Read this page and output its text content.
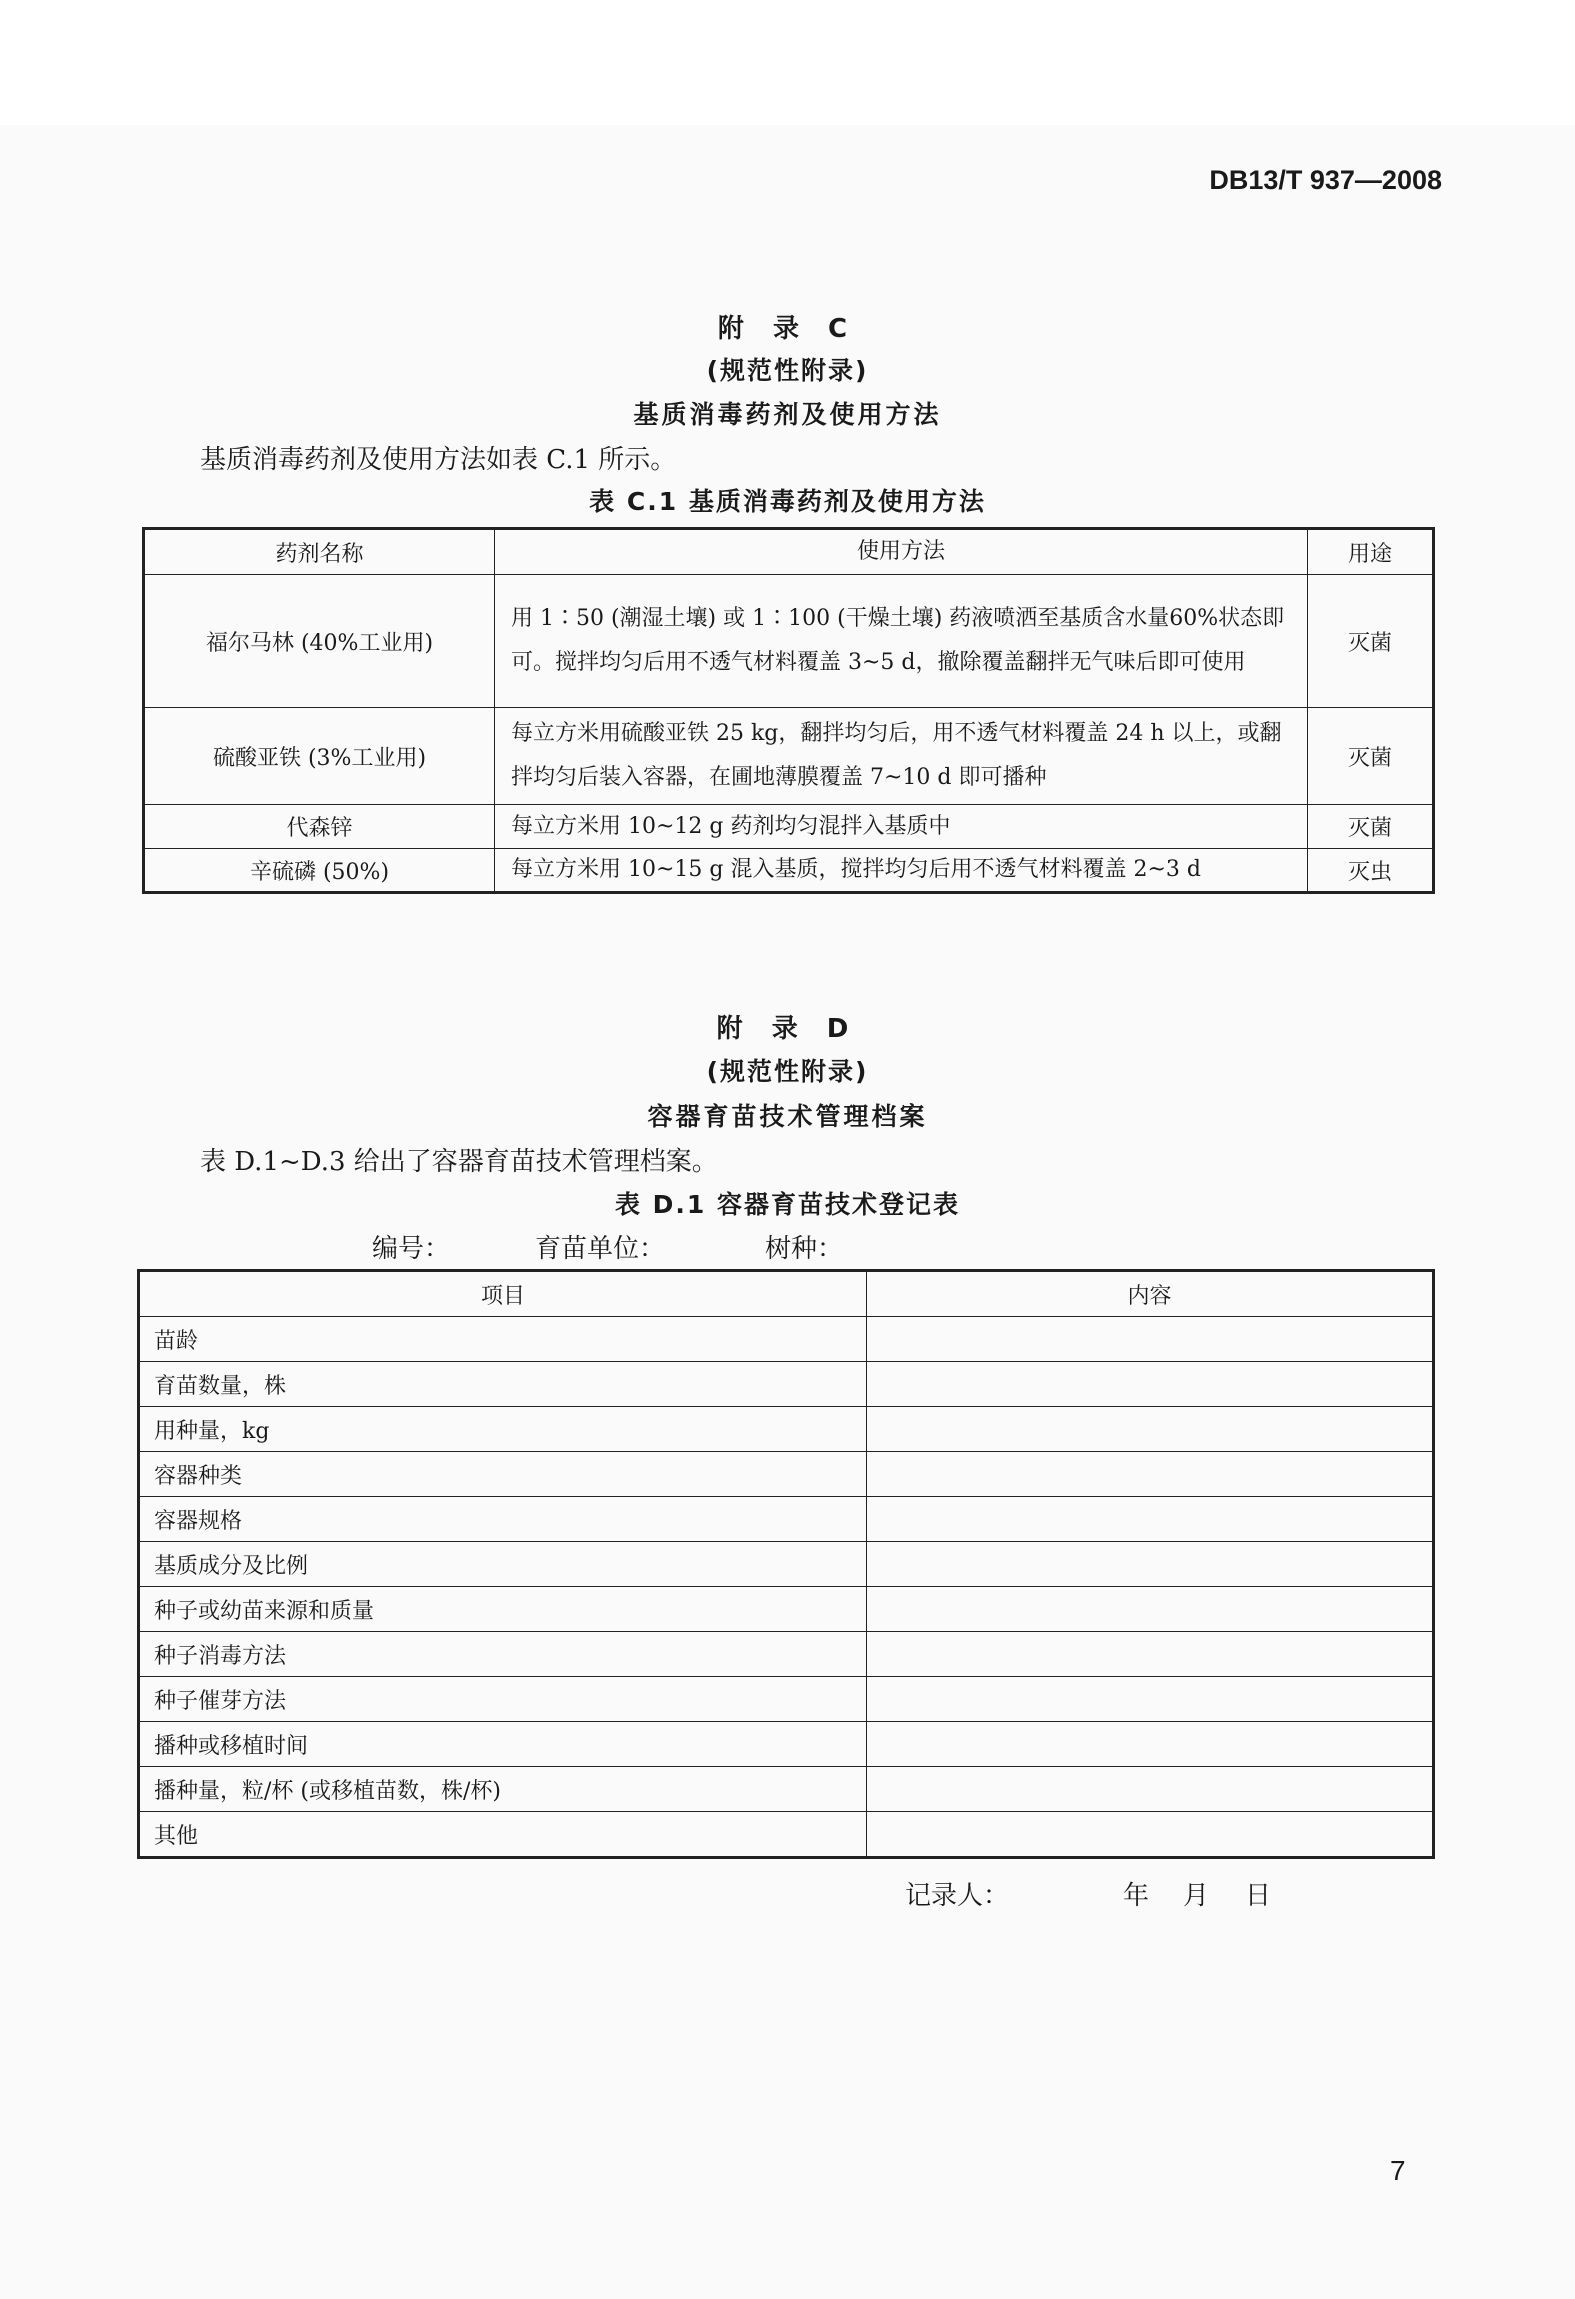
DB13/T 937—2008
附 录 C
(规范性附录)
基质消毒药剂及使用方法
基质消毒药剂及使用方法如表 C.1 所示。
表 C.1 基质消毒药剂及使用方法
药剂名称	使用方法	用途
福尔马林 (40%工业用)	用 1∶50 (潮湿土壤) 或 1∶100 (干燥土壤) 药液喷洒至基质含水量60%状态即可。搅拌均匀后用不透气材料覆盖 3~5 d，撤除覆盖翻拌无气味后即可使用	灭菌
硫酸亚铁 (3%工业用)	每立方米用硫酸亚铁 25 kg，翻拌均匀后，用不透气材料覆盖 24 h 以上，或翻拌均匀后装入容器，在圃地薄膜覆盖 7~10 d 即可播种	灭菌
代森锌	每立方米用 10~12 g 药剂均匀混拌入基质中	灭菌
辛硫磷 (50%)	每立方米用 10~15 g 混入基质，搅拌均匀后用不透气材料覆盖 2~3 d	灭虫
附 录 D
(规范性附录)
容器育苗技术管理档案
表 D.1~D.3 给出了容器育苗技术管理档案。
表 D.1 容器育苗技术登记表
编号：	育苗单位：	树种：
项目	内容
苗龄	
育苗数量，株	
用种量，kg	
容器种类	
容器规格	
基质成分及比例	
种子或幼苗来源和质量	
种子消毒方法	
种子催芽方法	
播种或移植时间	
播种量，粒/杯 (或移植苗数，株/杯)	
其他	
记录人：	年 月 日
7
